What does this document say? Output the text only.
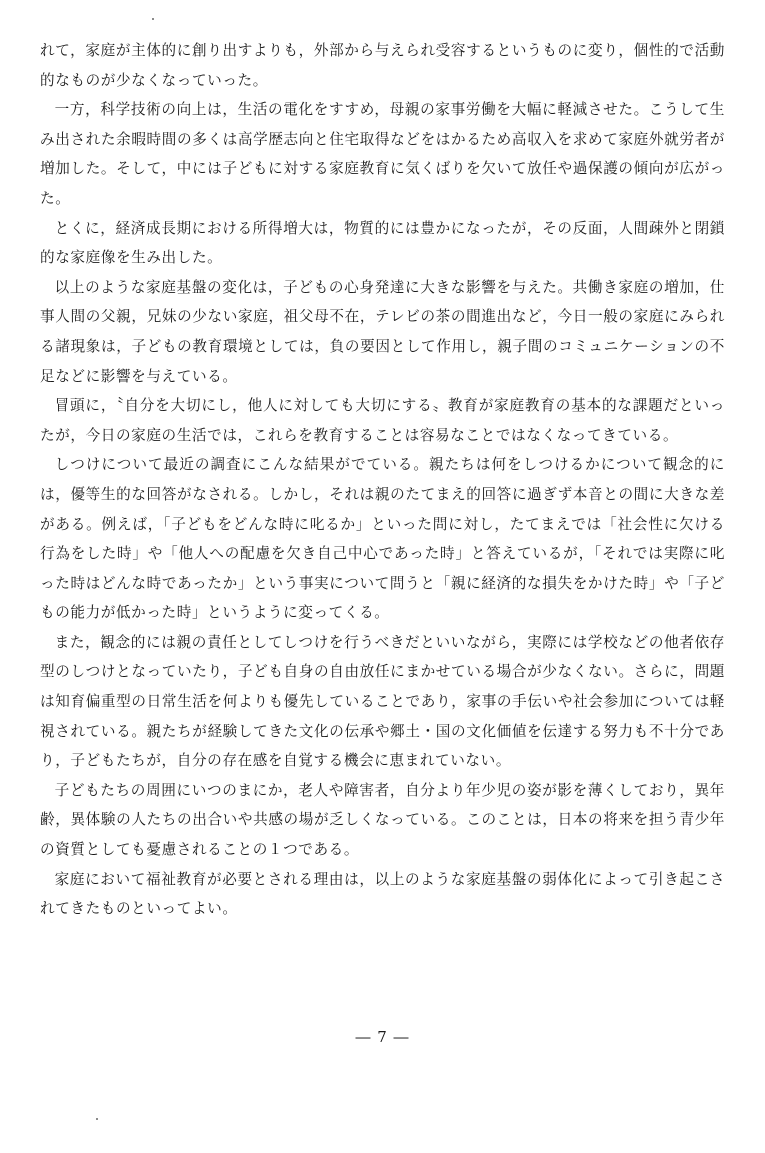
れて，家庭が主体的に創り出すよりも，外部から与えられ受容するというものに変り，個性的で活動的なものが少なくなっていった。

一方，科学技術の向上は，生活の電化をすすめ，母親の家事労働を大幅に軽減させた。こうして生み出された余暇時間の多くは高学歴志向と住宅取得などをはかるため高収入を求めて家庭外就労者が増加した。そして，中には子どもに対する家庭教育に気くばりを欠いて放任や過保護の傾向が広がった。

とくに，経済成長期における所得増大は，物質的には豊かになったが，その反面，人間疎外と閉鎖的な家庭像を生み出した。

以上のような家庭基盤の変化は，子どもの心身発達に大きな影響を与えた。共働き家庭の増加，仕事人間の父親，兄妹の少ない家庭，祖父母不在，テレビの茶の間進出など，今日一般の家庭にみられる諸現象は，子どもの教育環境としては，負の要因として作用し，親子間のコミュニケーションの不足などに影響を与えている。

冒頭に，〝自分を大切にし，他人に対しても大切にする〟教育が家庭教育の基本的な課題だといったが，今日の家庭の生活では，これらを教育することは容易なことではなくなってきている。

しつけについて最近の調査にこんな結果がでている。親たちは何をしつけるかについて観念的には，優等生的な回答がなされる。しかし，それは親のたてまえ的回答に過ぎず本音との間に大きな差がある。例えば，「子どもをどんな時に叱るか」といった問に対し，たてまえでは「社会性に欠ける行為をした時」や「他人への配慮を欠き自己中心であった時」と答えているが，「それでは実際に叱った時はどんな時であったか」という事実について問うと「親に経済的な損失をかけた時」や「子どもの能力が低かった時」というように変ってくる。

また，観念的には親の責任としてしつけを行うべきだといいながら，実際には学校などの他者依存型のしつけとなっていたり，子ども自身の自由放任にまかせている場合が少なくない。さらに，問題は知育偏重型の日常生活を何よりも優先していることであり，家事の手伝いや社会参加については軽視されている。親たちが経験してきた文化の伝承や郷土・国の文化価値を伝達する努力も不十分であり，子どもたちが，自分の存在感を自覚する機会に恵まれていない。

子どもたちの周囲にいつのまにか，老人や障害者，自分より年少児の姿が影を薄くしており，異年齢，異体験の人たちの出合いや共感の場が乏しくなっている。このことは，日本の将来を担う青少年の資質としても憂慮されることの１つである。

家庭において福祉教育が必要とされる理由は，以上のような家庭基盤の弱体化によって引き起こされてきたものといってよい。

― 7 ―
